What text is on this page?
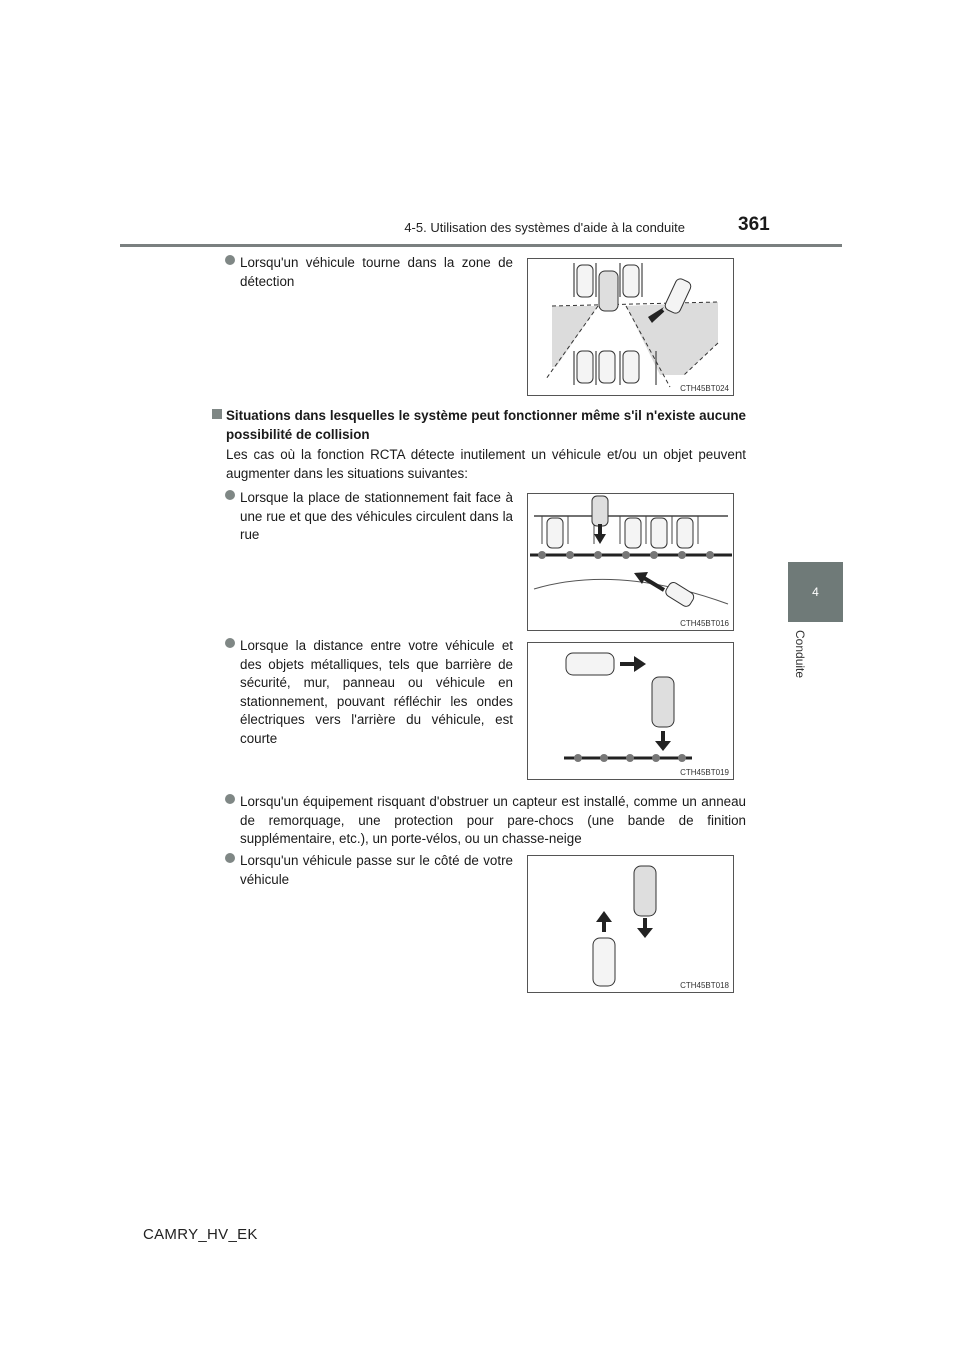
4-5. Utilisation des systèmes d'aide à la conduite	361
4
Conduite
Lorsqu'un véhicule tourne dans la zone de détection
CTH45BT024
Situations dans lesquelles le système peut fonctionner même s'il n'existe aucune possibilité de collision
Les cas où la fonction RCTA détecte inutilement un véhicule et/ou un objet peuvent augmenter dans les situations suivantes:
Lorsque la place de stationnement fait face à une rue et que des véhicules circulent dans la rue
CTH45BT016
Lorsque la distance entre votre véhicule et des objets métalliques, tels que barrière de sécurité, mur, panneau ou véhicule en stationnement, pouvant réfléchir les ondes électriques vers l'arrière du véhicule, est courte
CTH45BT019
Lorsqu'un équipement risquant d'obstruer un capteur est installé, comme un anneau de remorquage, une protection pour pare-chocs (une bande de finition supplémentaire, etc.), un porte-vélos, ou un chasse-neige
Lorsqu'un véhicule passe sur le côté de votre véhicule
CTH45BT018
CAMRY_HV_EK
